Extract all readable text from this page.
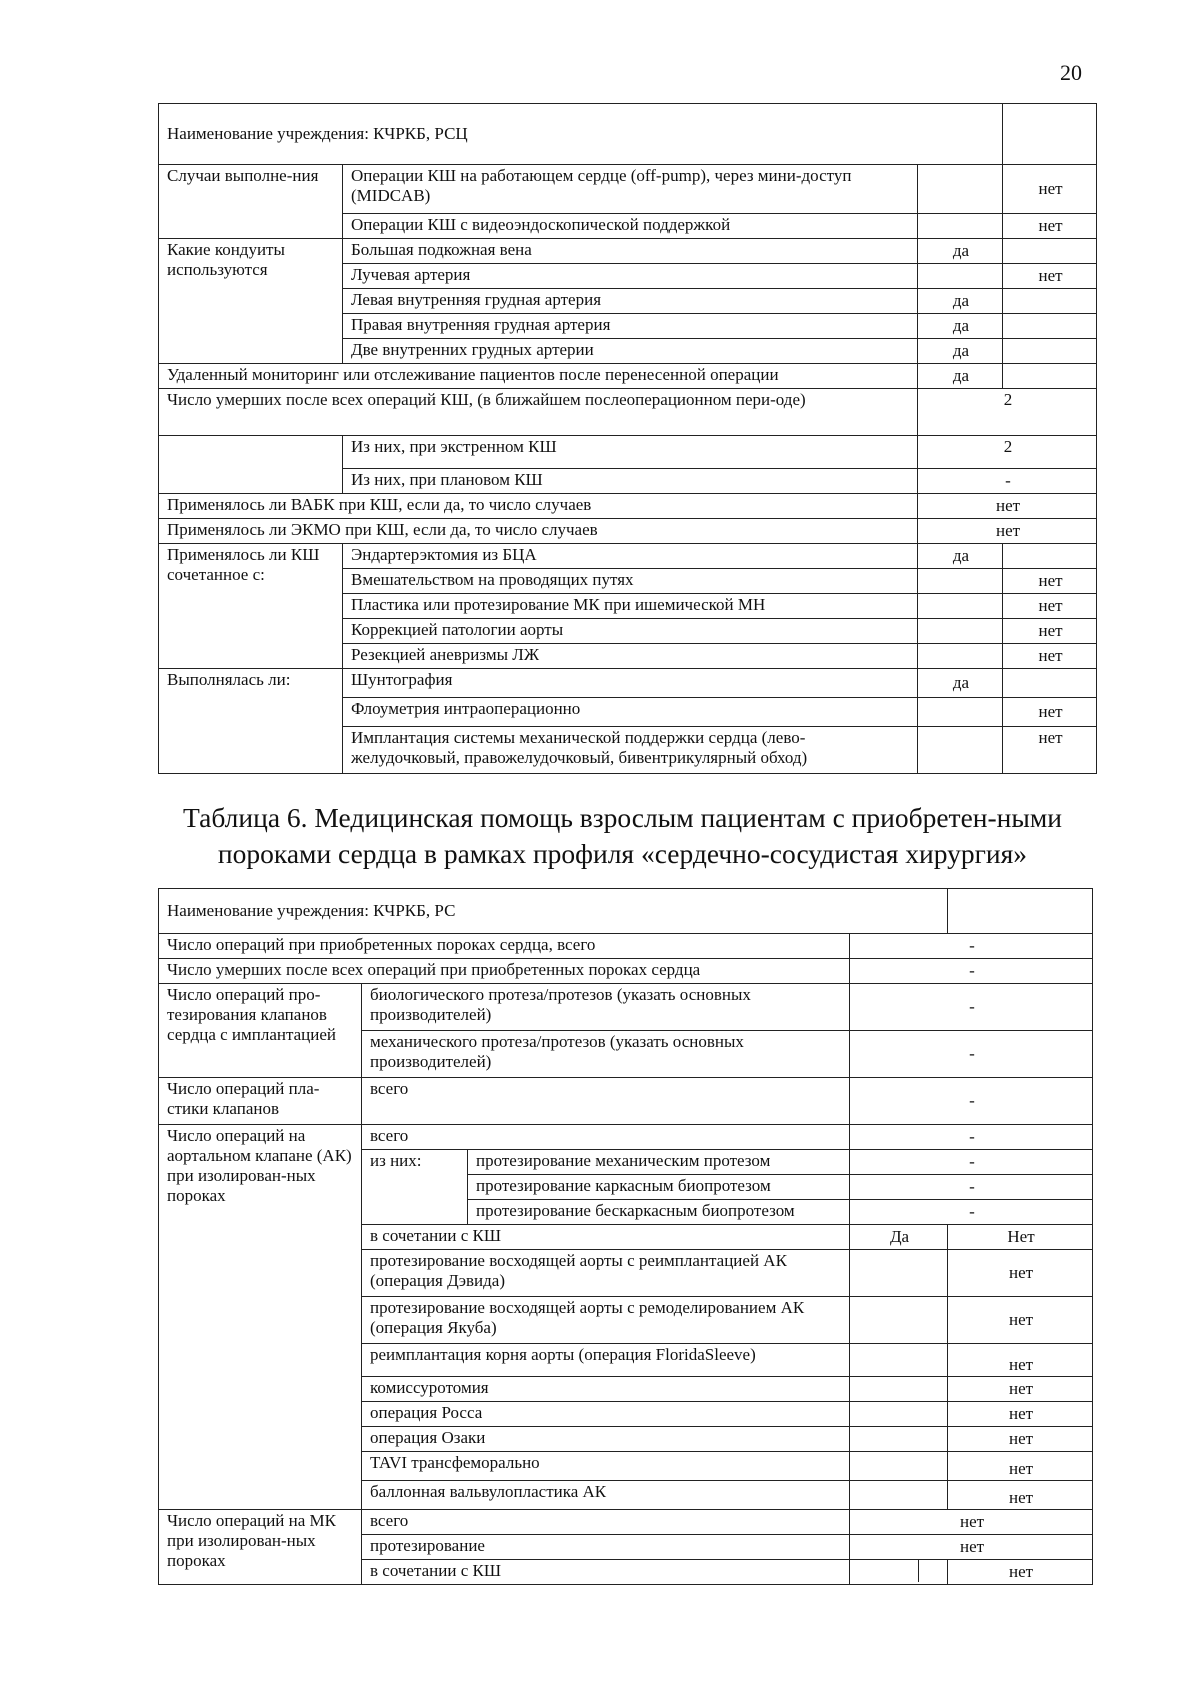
20
Наименование учреждения: КЧРКБ, РСЦ			
Случаи выполне-ния	Операции КШ на работающем сердце (off-pump), через мини-доступ (MIDCAB)		нет
	Операции КШ с видеоэндоскопической поддержкой		нет
Какие кондуиты используются	Большая подкожная вена	да	
	Лучевая артерия		нет
	Левая внутренняя грудная артерия	да	
	Правая внутренняя грудная артерия	да	
	Две внутренних грудных артерии	да	
Удаленный мониторинг или отслеживание пациентов после перенесенной операции		да	
Число умерших после всех операций КШ, (в ближайшем послеоперационном пери-оде)		2	
	Из них, при экстренном КШ	2	
	Из них, при плановом КШ	-	
Применялось ли ВАБК при КШ, если да, то число случаев		нет	
Применялось ли ЭКМО при КШ, если да, то число случаев		нет	
Применялось ли КШ сочетанное с:	Эндартерэктомия из БЦА	да	
	Вмешательством на проводящих путях		нет
	Пластика или протезирование МК при ишемической МН		нет
	Коррекцией патологии аорты		нет
	Резекцией аневризмы ЛЖ		нет
Выполнялась ли:	Шунтография	да	
	Флоуметрия интраоперационно		нет
	Имплантация системы механической поддержки сердца (лево-желудочковый, правожелудочковый, бивентрикулярный обход)		нет
Таблица 6. Медицинская помощь взрослым пациентам с приобретен-ными пороками сердца в рамках профиля «сердечно-сосудистая хирургия»
Наименование учреждения: КЧРКБ, РС				
Число операций при приобретенных пороках сердца, всего			-	
Число умерших после всех операций при приобретенных пороках сердца			-	
Число операций про-тезирования клапанов сердца с имплантацией	биологического протеза/протезов (указать основных производителей)		-	
	механического протеза/протезов (указать основных производителей)		-	
Число операций пла-стики клапанов	всего		-	
Число операций на аортальном клапане (АК) при изолирован-ных пороках	всего		-	
	из них:	протезирование механическим протезом	-	
		протезирование каркасным биопротезом	-	
		протезирование бескаркасным биопротезом	-	
	в сочетании с КШ		Да	Нет
	протезирование восходящей аорты с реимплантацией АК (операция Дэвида)			нет
	протезирование восходящей аорты с ремоделированием АК (операция Якуба)			нет
	реимплантация корня аорты (операция FloridaSleeve)			нет
	комиссуротомия			нет
	операция Росса			нет
	операция Озаки			нет
	TAVI трансфеморально			нет
	баллонная вальвулопластика АК			нет
Число операций на МК при изолирован-ных пороках	всего		нет	
	протезирование		нет	
	в сочетании с КШ			нет
